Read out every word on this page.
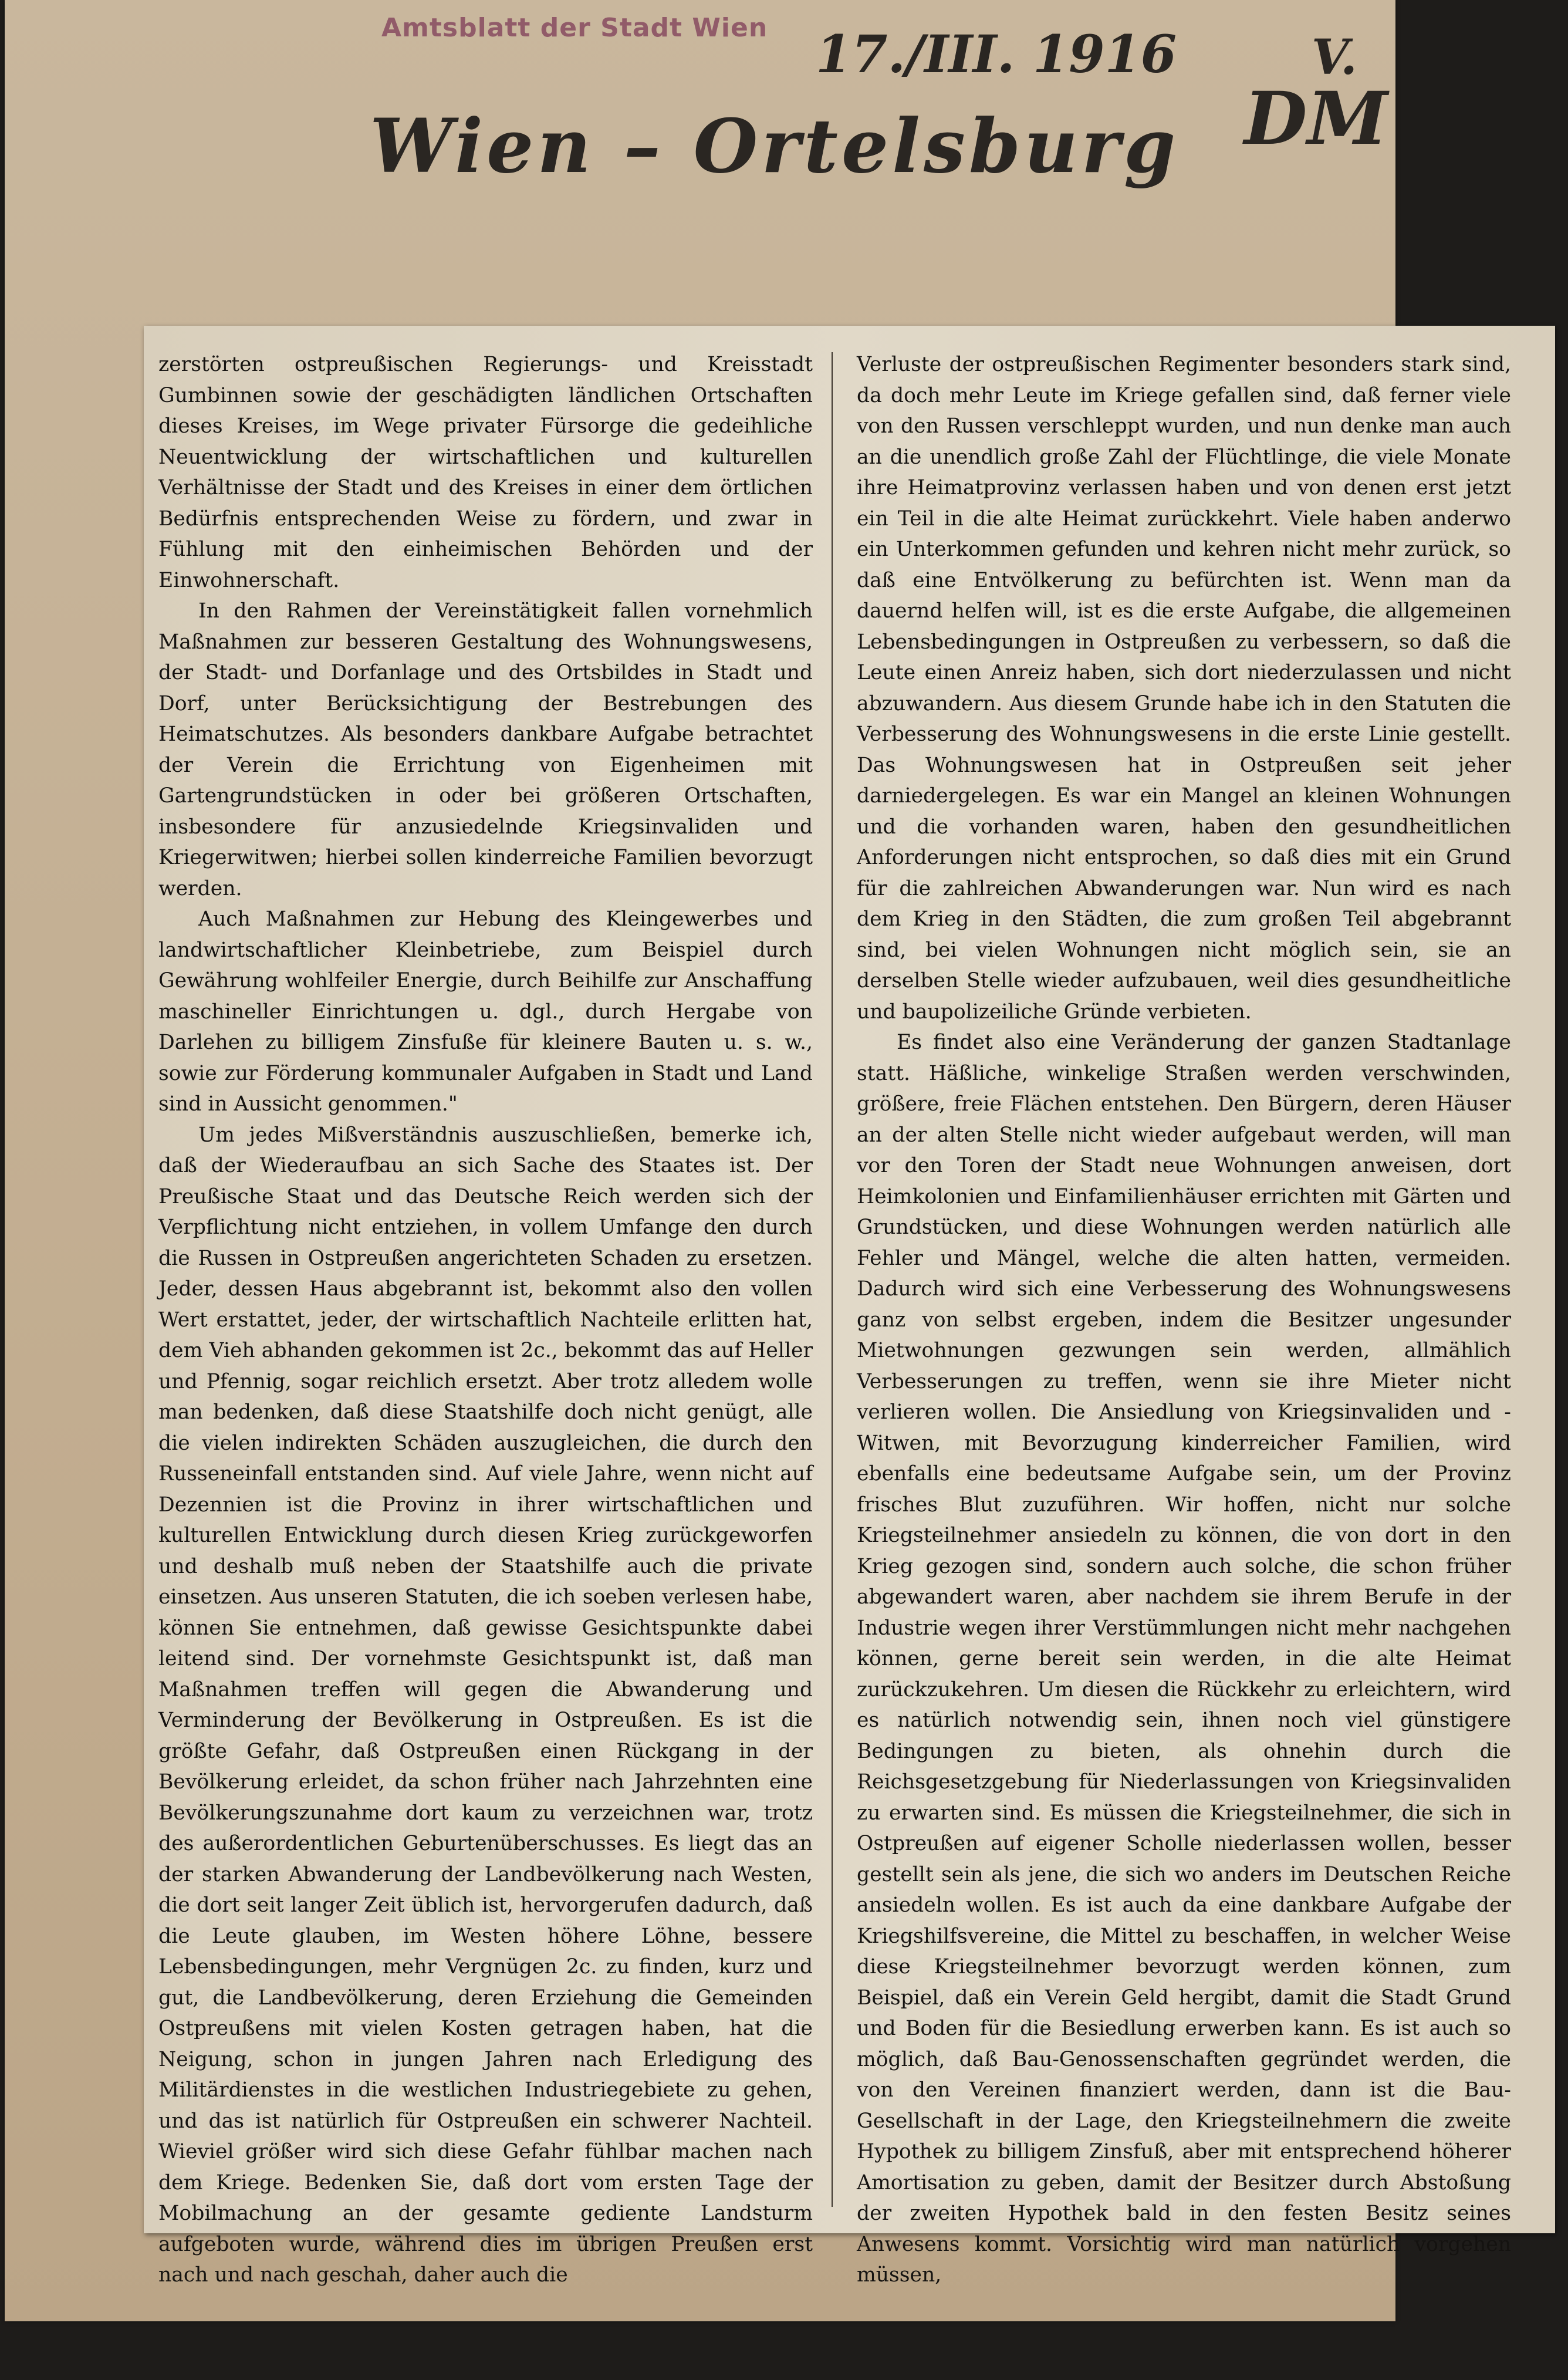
Amtsblatt der Stadt Wien 17./III. 1916	V.
Wien – Ortelsburg DM

zerstörten ostpreußischen Regierungs- und Kreisstadt Gumbinnen sowie der geschädigten ländlichen Ortschaften dieses Kreises, im Wege privater Fürsorge die gedeihliche Neuentwicklung der wirtschaftlichen und kulturellen Verhältnisse der Stadt und des Kreises in einer dem örtlichen Bedürfnis entsprechenden Weise zu fördern, und zwar in Fühlung mit den einheimischen Behörden und der Einwohnerschaft.

In den Rahmen der Vereinstätigkeit fallen vornehmlich Maßnahmen zur besseren Gestaltung des Wohnungswesens, der Stadt- und Dorfanlage und des Ortsbildes in Stadt und Dorf, unter Berücksichtigung der Bestrebungen des Heimatschutzes. Als besonders dankbare Aufgabe betrachtet der Verein die Errichtung von Eigenheimen mit Gartengrundstücken in oder bei größeren Ortschaften, insbesondere für anzusiedelnde Kriegsinvaliden und Kriegerwitwen; hierbei sollen kinderreiche Familien bevorzugt werden.

Auch Maßnahmen zur Hebung des Kleingewerbes und landwirtschaftlicher Kleinbetriebe, zum Beispiel durch Gewährung wohlfeiler Energie, durch Beihilfe zur Anschaffung maschineller Einrichtungen u. dgl., durch Hergabe von Darlehen zu billigem Zinsfuße für kleinere Bauten u. s. w., sowie zur Förderung kommunaler Aufgaben in Stadt und Land sind in Aussicht genommen."

Um jedes Mißverständnis auszuschließen, bemerke ich, daß der Wiederaufbau an sich Sache des Staates ist. Der Preußische Staat und das Deutsche Reich werden sich der Verpflichtung nicht entziehen, in vollem Umfange den durch die Russen in Ostpreußen angerichteten Schaden zu ersetzen. Jeder, dessen Haus abgebrannt ist, bekommt also den vollen Wert erstattet, jeder, der wirtschaftlich Nachteile erlitten hat, dem Vieh abhanden gekommen ist 2c., bekommt das auf Heller und Pfennig, sogar reichlich ersetzt. Aber trotz alledem wolle man bedenken, daß diese Staatshilfe doch nicht genügt, alle die vielen indirekten Schäden auszugleichen, die durch den Russeneinfall entstanden sind. Auf viele Jahre, wenn nicht auf Dezennien ist die Provinz in ihrer wirtschaftlichen und kulturellen Entwicklung durch diesen Krieg zurückgeworfen und deshalb muß neben der Staatshilfe auch die private einsetzen. Aus unseren Statuten, die ich soeben verlesen habe, können Sie entnehmen, daß gewisse Gesichtspunkte dabei leitend sind. Der vornehmste Gesichtspunkt ist, daß man Maßnahmen treffen will gegen die Abwanderung und Verminderung der Bevölkerung in Ostpreußen. Es ist die größte Gefahr, daß Ostpreußen einen Rückgang in der Bevölkerung erleidet, da schon früher nach Jahrzehnten eine Bevölkerungszunahme dort kaum zu verzeichnen war, trotz des außerordentlichen Geburtenüberschusses. Es liegt das an der starken Abwanderung der Landbevölkerung nach Westen, die dort seit langer Zeit üblich ist, hervorgerufen dadurch, daß die Leute glauben, im Westen höhere Löhne, bessere Lebensbedingungen, mehr Vergnügen 2c. zu finden, kurz und gut, die Landbevölkerung, deren Erziehung die Gemeinden Ostpreußens mit vielen Kosten getragen haben, hat die Neigung, schon in jungen Jahren nach Erledigung des Militärdienstes in die westlichen Industriegebiete zu gehen, und das ist natürlich für Ostpreußen ein schwerer Nachteil. Wieviel größer wird sich diese Gefahr fühlbar machen nach dem Kriege. Bedenken Sie, daß dort vom ersten Tage der Mobilmachung an der gesamte gediente Landsturm aufgeboten wurde, während dies im übrigen Preußen erst nach und nach geschah, daher auch die

Verluste der ostpreußischen Regimenter besonders stark sind, da doch mehr Leute im Kriege gefallen sind, daß ferner viele von den Russen verschleppt wurden, und nun denke man auch an die unendlich große Zahl der Flüchtlinge, die viele Monate ihre Heimatprovinz verlassen haben und von denen erst jetzt ein Teil in die alte Heimat zurückkehrt. Viele haben anderwo ein Unterkommen gefunden und kehren nicht mehr zurück, so daß eine Entvölkerung zu befürchten ist. Wenn man da dauernd helfen will, ist es die erste Aufgabe, die allgemeinen Lebensbedingungen in Ostpreußen zu verbessern, so daß die Leute einen Anreiz haben, sich dort niederzulassen und nicht abzuwandern. Aus diesem Grunde habe ich in den Statuten die Verbesserung des Wohnungswesens in die erste Linie gestellt. Das Wohnungswesen hat in Ostpreußen seit jeher darniedergelegen. Es war ein Mangel an kleinen Wohnungen und die vorhanden waren, haben den gesundheitlichen Anforderungen nicht entsprochen, so daß dies mit ein Grund für die zahlreichen Abwanderungen war. Nun wird es nach dem Krieg in den Städten, die zum großen Teil abgebrannt sind, bei vielen Wohnungen nicht möglich sein, sie an derselben Stelle wieder aufzubauen, weil dies gesundheitliche und baupolizeiliche Gründe verbieten.

Es findet also eine Veränderung der ganzen Stadtanlage statt. Häßliche, winkelige Straßen werden verschwinden, größere, freie Flächen entstehen. Den Bürgern, deren Häuser an der alten Stelle nicht wieder aufgebaut werden, will man vor den Toren der Stadt neue Wohnungen anweisen, dort Heimkolonien und Einfamilienhäuser errichten mit Gärten und Grundstücken, und diese Wohnungen werden natürlich alle Fehler und Mängel, welche die alten hatten, vermeiden. Dadurch wird sich eine Verbesserung des Wohnungswesens ganz von selbst ergeben, indem die Besitzer ungesunder Mietwohnungen gezwungen sein werden, allmählich Verbesserungen zu treffen, wenn sie ihre Mieter nicht verlieren wollen. Die Ansiedlung von Kriegsinvaliden und -Witwen, mit Bevorzugung kinderreicher Familien, wird ebenfalls eine bedeutsame Aufgabe sein, um der Provinz frisches Blut zuzuführen. Wir hoffen, nicht nur solche Kriegsteilnehmer ansiedeln zu können, die von dort in den Krieg gezogen sind, sondern auch solche, die schon früher abgewandert waren, aber nachdem sie ihrem Berufe in der Industrie wegen ihrer Verstümmlungen nicht mehr nachgehen können, gerne bereit sein werden, in die alte Heimat zurückzukehren. Um diesen die Rückkehr zu erleichtern, wird es natürlich notwendig sein, ihnen noch viel günstigere Bedingungen zu bieten, als ohnehin durch die Reichsgesetzgebung für Niederlassungen von Kriegsinvaliden zu erwarten sind. Es müssen die Kriegsteilnehmer, die sich in Ostpreußen auf eigener Scholle niederlassen wollen, besser gestellt sein als jene, die sich wo anders im Deutschen Reiche ansiedeln wollen. Es ist auch da eine dankbare Aufgabe der Kriegshilfsvereine, die Mittel zu beschaffen, in welcher Weise diese Kriegsteilnehmer bevorzugt werden können, zum Beispiel, daß ein Verein Geld hergibt, damit die Stadt Grund und Boden für die Besiedlung erwerben kann. Es ist auch so möglich, daß Bau-Genossenschaften gegründet werden, die von den Vereinen finanziert werden, dann ist die Bau-Gesellschaft in der Lage, den Kriegsteilnehmern die zweite Hypothek zu billigem Zinsfuß, aber mit entsprechend höherer Amortisation zu geben, damit der Besitzer durch Abstoßung der zweiten Hypothek bald in den festen Besitz seines Anwesens kommt. Vorsichtig wird man natürlich vorgehen müssen,
